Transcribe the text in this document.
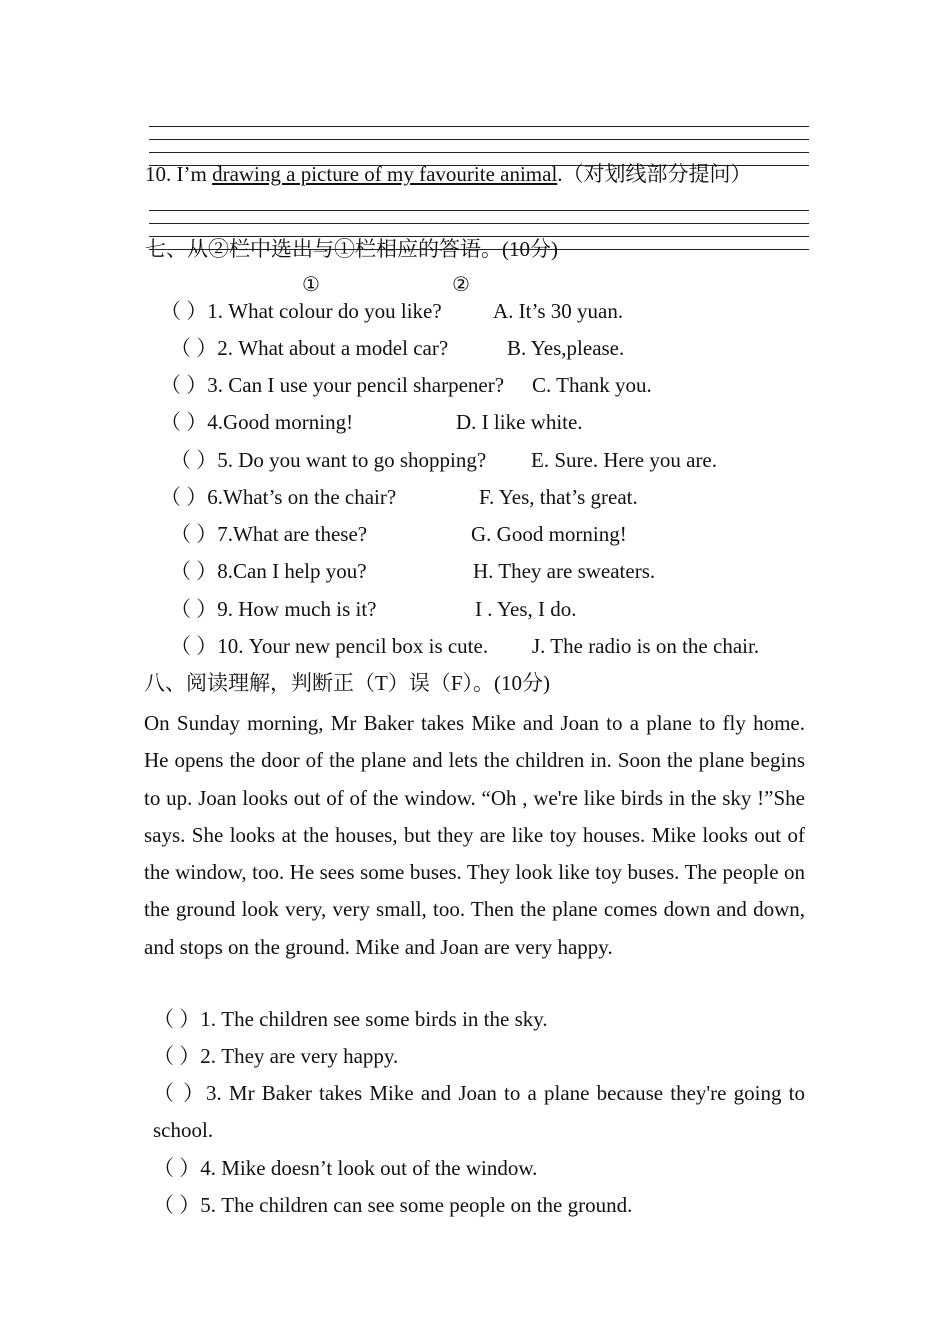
10. I’m drawing a picture of my favourite animal.（对划线部分提问）
七、从②栏中选出与①栏相应的答语。(10分)
①	②
（ ）1. What colour do you like? A. It’s 30 yuan.
（ ）2. What about a model car?	B. Yes,please.
（ ）3. Can I use your pencil sharpener? C. Thank you.
（ ）4.Good morning!	D. I like white.
（ ）5. Do you want to go shopping? E. Sure. Here you are.
（ ）6.What’s on the chair?	F. Yes, that’s great.
（ ）7.What are these?	G. Good morning!
（ ）8.Can I help you?	H. They are sweaters.
（ ）9. How much is it?	I . Yes, I do.
（ ）10. Your new pencil box is cute. J. The radio is on the chair.
八、阅读理解，判断正（T）误（F）。(10分)

On Sunday morning, Mr Baker takes Mike and Joan to a plane to fly home. He opens the door of the plane and lets the children in. Soon the plane begins to up. Joan looks out of of the window. “Oh , we're like birds in the sky !”She says. She looks at the houses, but they are like toy houses. Mike looks out of the window, too. He sees some buses. They look like toy buses. The people on the ground look very, very small, too. Then the plane comes down and down, and stops on the ground. Mike and Joan are very happy.

（ ）1. The children see some birds in the sky.
（ ）2. They are very happy.

（ ）3. Mr Baker takes Mike and Joan to a plane because they're going to school.

（ ）4. Mike doesn’t look out of the window.
（ ）5. The children can see some people on the ground.
